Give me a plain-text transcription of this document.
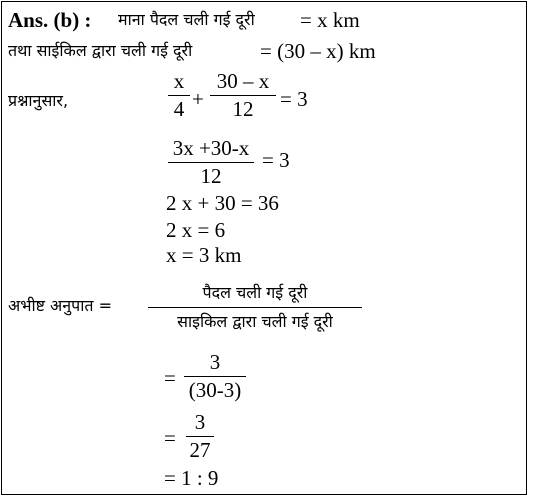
Ans. (b) : माना पैदल चली गई दूरी = x km
तथा साईकिल द्वारा चली गई दूरी	= (30 – x) km
प्रश्नानुसार,
x
4 +
30 – x
12	= 3
3x +30-x
12
= 3
2 x + 30 = 36
2 x = 6
x = 3 km
अभीष्ट अनुपात =
पैदल चली गई दूरी
साइकिल द्वारा चली गई दूरी
=
3
(30-3)
=
3
27
= 1 : 9
